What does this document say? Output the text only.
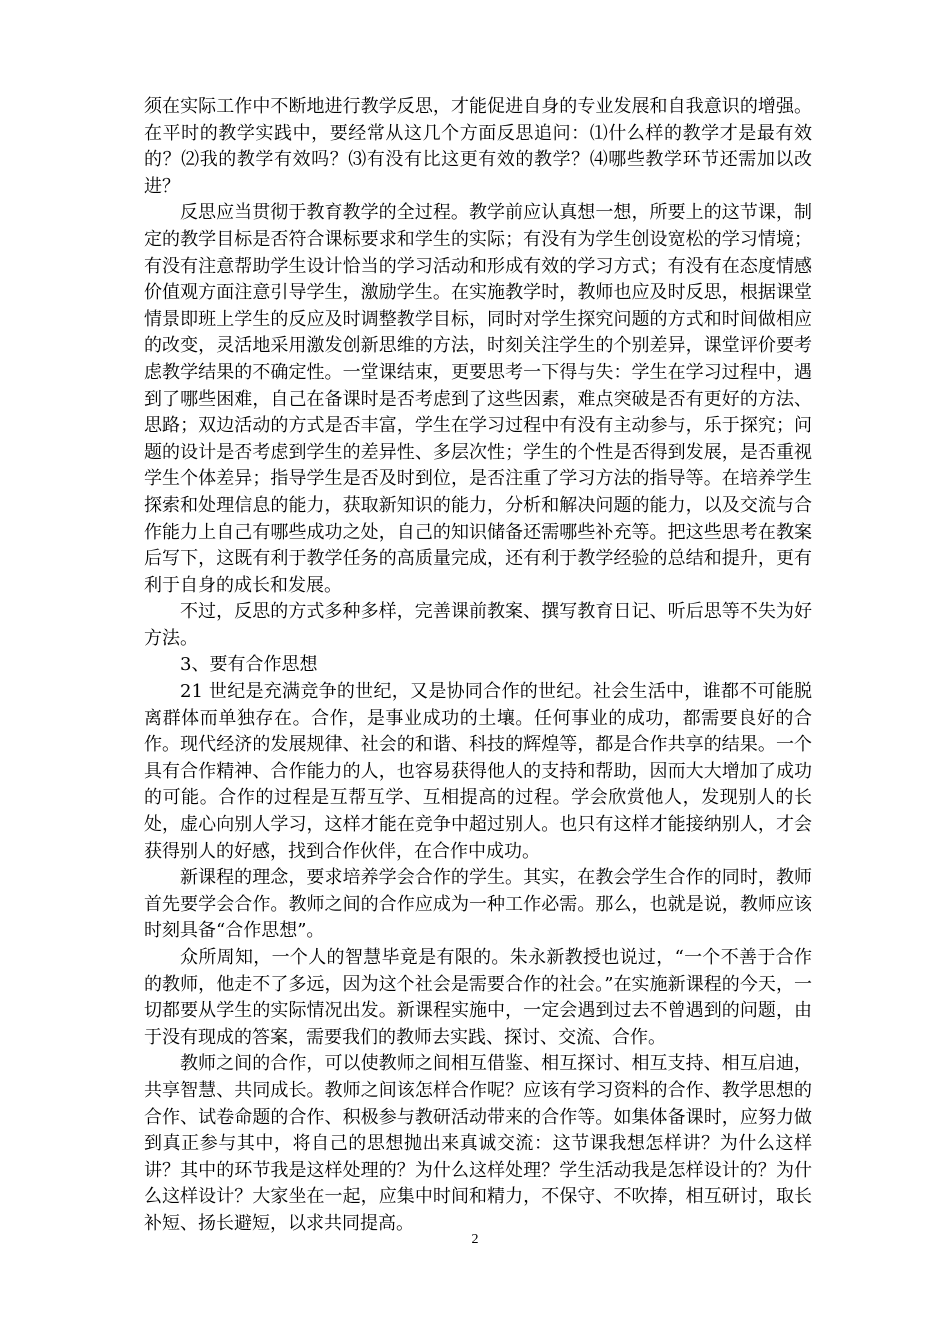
须在实际工作中不断地进行教学反思，才能促进自身的专业发展和自我意识的增强。在平时的教学实践中，要经常从这几个方面反思追问：⑴什么样的教学才是最有效的？⑵我的教学有效吗？⑶有没有比这更有效的教学？⑷哪些教学环节还需加以改进？

反思应当贯彻于教育教学的全过程。教学前应认真想一想，所要上的这节课，制定的教学目标是否符合课标要求和学生的实际；有没有为学生创设宽松的学习情境；有没有注意帮助学生设计恰当的学习活动和形成有效的学习方式；有没有在态度情感价值观方面注意引导学生，激励学生。在实施教学时，教师也应及时反思，根据课堂情景即班上学生的反应及时调整教学目标，同时对学生探究问题的方式和时间做相应的改变，灵活地采用激发创新思维的方法，时刻关注学生的个别差异，课堂评价要考虑教学结果的不确定性。一堂课结束，更要思考一下得与失：学生在学习过程中，遇到了哪些困难，自己在备课时是否考虑到了这些因素，难点突破是否有更好的方法、思路；双边活动的方式是否丰富，学生在学习过程中有没有主动参与，乐于探究；问题的设计是否考虑到学生的差异性、多层次性；学生的个性是否得到发展，是否重视学生个体差异；指导学生是否及时到位，是否注重了学习方法的指导等。在培养学生探索和处理信息的能力，获取新知识的能力，分析和解决问题的能力，以及交流与合作能力上自己有哪些成功之处，自己的知识储备还需哪些补充等。把这些思考在教案后写下，这既有利于教学任务的高质量完成，还有利于教学经验的总结和提升，更有利于自身的成长和发展。

不过，反思的方式多种多样，完善课前教案、撰写教育日记、听后思等不失为好方法。

3、要有合作思想

21 世纪是充满竞争的世纪，又是协同合作的世纪。社会生活中，谁都不可能脱离群体而单独存在。合作，是事业成功的土壤。任何事业的成功，都需要良好的合作。现代经济的发展规律、社会的和谐、科技的辉煌等，都是合作共享的结果。一个具有合作精神、合作能力的人，也容易获得他人的支持和帮助，因而大大增加了成功的可能。合作的过程是互帮互学、互相提高的过程。学会欣赏他人，发现别人的长处，虚心向别人学习，这样才能在竞争中超过别人。也只有这样才能接纳别人，才会获得别人的好感，找到合作伙伴，在合作中成功。

新课程的理念，要求培养学会合作的学生。其实，在教会学生合作的同时，教师首先要学会合作。教师之间的合作应成为一种工作必需。那么，也就是说，教师应该时刻具备“合作思想”。

众所周知，一个人的智慧毕竟是有限的。朱永新教授也说过，“一个不善于合作的教师，他走不了多远，因为这个社会是需要合作的社会。”在实施新课程的今天，一切都要从学生的实际情况出发。新课程实施中，一定会遇到过去不曾遇到的问题，由于没有现成的答案，需要我们的教师去实践、探讨、交流、合作。

教师之间的合作，可以使教师之间相互借鉴、相互探讨、相互支持、相互启迪，共享智慧、共同成长。教师之间该怎样合作呢？应该有学习资料的合作、教学思想的合作、试卷命题的合作、积极参与教研活动带来的合作等。如集体备课时，应努力做到真正参与其中，将自己的思想抛出来真诚交流：这节课我想怎样讲？为什么这样讲？其中的环节我是这样处理的？为什么这样处理？学生活动我是怎样设计的？为什么这样设计？大家坐在一起，应集中时间和精力，不保守、不吹捧，相互研讨，取长补短、扬长避短，以求共同提高。

2
